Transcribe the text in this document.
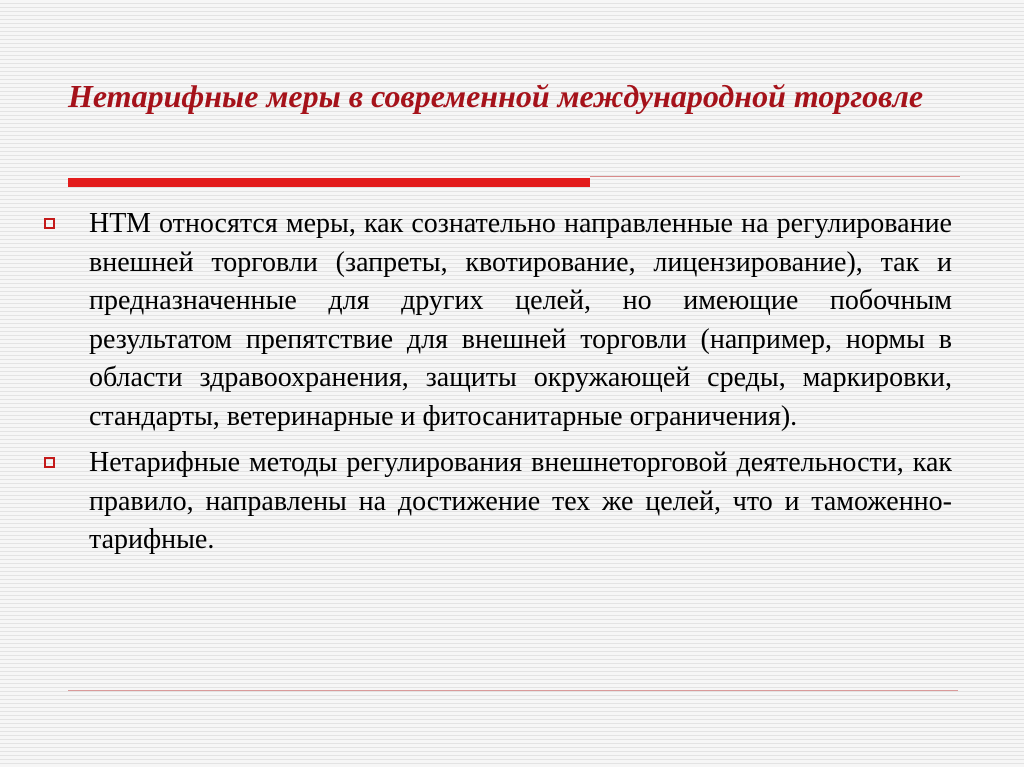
Нетарифные меры в современной международной торговле
НТМ относятся меры, как сознательно направленные на регулирование внешней торговли (запреты, квотирование, лицензирование), так и предназначенные для других целей, но имеющие побочным результатом препятствие для внешней торговли (например, нормы в области здравоохранения, защиты окружающей среды, маркировки, стандарты, ветеринарные и фитосанитарные ограничения).
Нетарифные методы регулирования внешнеторговой деятельности, как правило, направлены на достижение тех же целей, что и таможенно-тарифные.
